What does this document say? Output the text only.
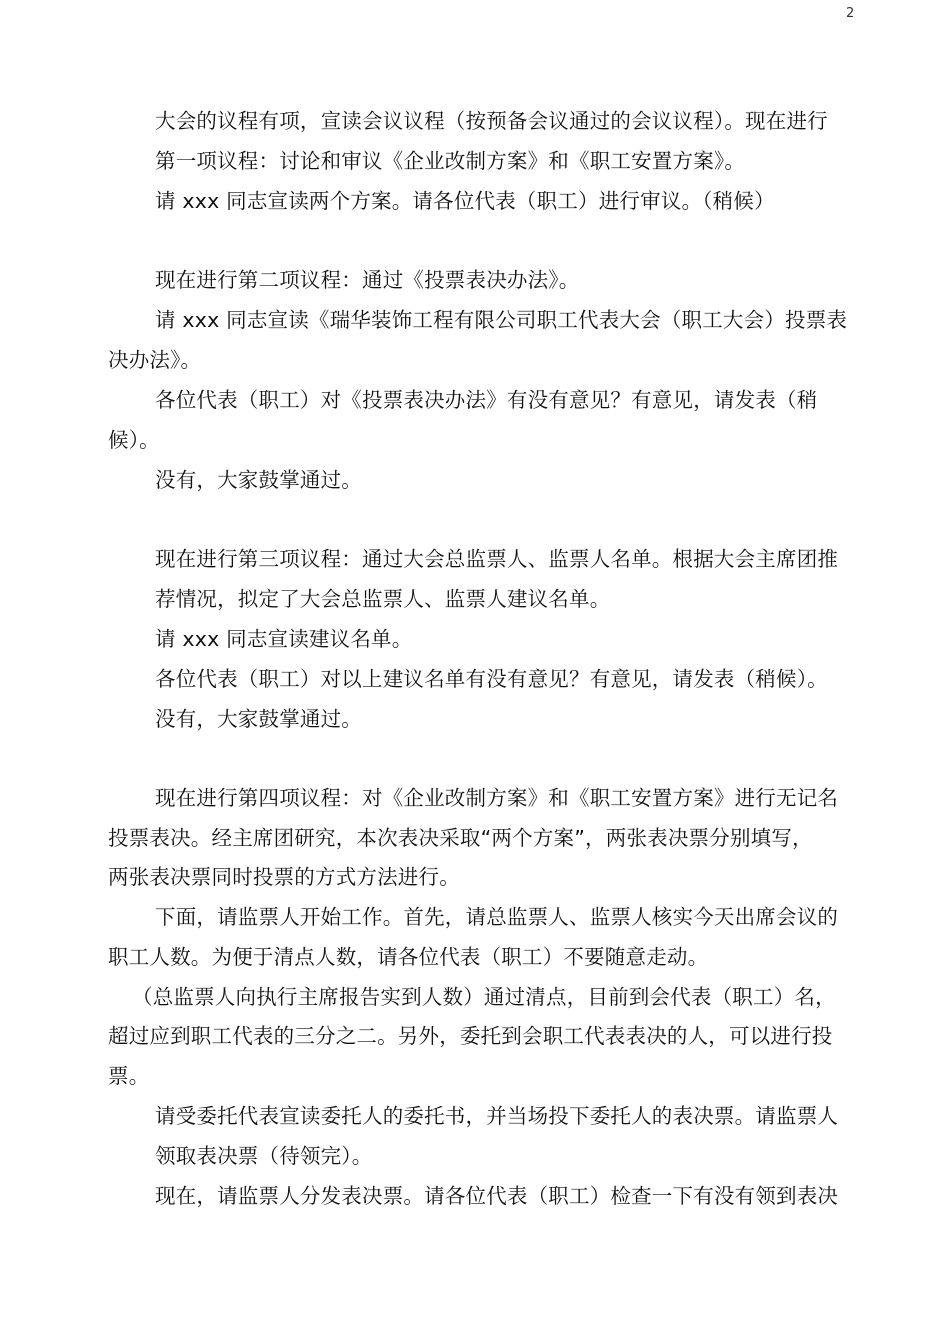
2
大会的议程有项，宣读会议议程（按预备会议通过的会议议程）。现在进行
第一项议程：讨论和审议《企业改制方案》和《职工安置方案》。
请 xxx 同志宣读两个方案。请各位代表（职工）进行审议。（稍候）
现在进行第二项议程：通过《投票表决办法》。
请 xxx 同志宣读《瑞华装饰工程有限公司职工代表大会（职工大会）投票表
决办法》。
各位代表（职工）对《投票表决办法》有没有意见？有意见，请发表（稍
候）。
没有，大家鼓掌通过。
现在进行第三项议程：通过大会总监票人、监票人名单。根据大会主席团推
荐情况，拟定了大会总监票人、监票人建议名单。
请 xxx 同志宣读建议名单。
各位代表（职工）对以上建议名单有没有意见？有意见，请发表（稍候）。
没有，大家鼓掌通过。
现在进行第四项议程：对《企业改制方案》和《职工安置方案》进行无记名
投票表决。经主席团研究，本次表决采取“两个方案”，两张表决票分别填写，
两张表决票同时投票的方式方法进行。
下面，请监票人开始工作。首先，请总监票人、监票人核实今天出席会议的
职工人数。为便于清点人数，请各位代表（职工）不要随意走动。
（总监票人向执行主席报告实到人数）通过清点，目前到会代表（职工）名，
超过应到职工代表的三分之二。另外，委托到会职工代表表决的人，可以进行投
票。
请受委托代表宣读委托人的委托书，并当场投下委托人的表决票。请监票人
领取表决票（待领完）。
现在，请监票人分发表决票。请各位代表（职工）检查一下有没有领到表决
